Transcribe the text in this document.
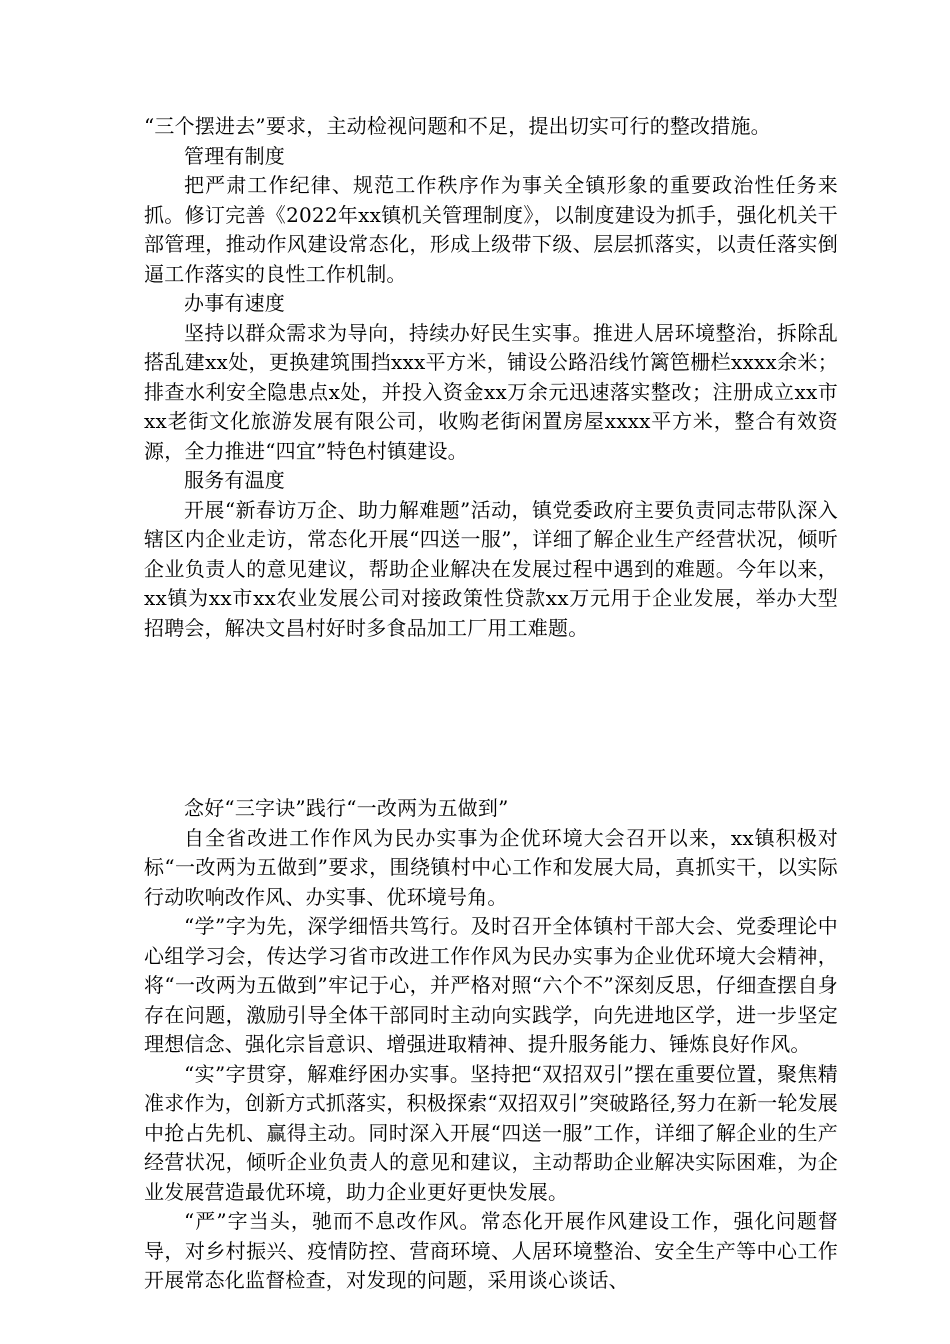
“三个摆进去”要求，主动检视问题和不足，提出切实可行的整改措施。

管理有制度

把严肃工作纪律、规范工作秩序作为事关全镇形象的重要政治性任务来抓。修订完善《2022年xx镇机关管理制度》，以制度建设为抓手，强化机关干部管理，推动作风建设常态化，形成上级带下级、层层抓落实，以责任落实倒逼工作落实的良性工作机制。

办事有速度

坚持以群众需求为导向，持续办好民生实事。推进人居环境整治，拆除乱搭乱建xx处，更换建筑围挡xxx平方米，铺设公路沿线竹篱笆栅栏xxxx余米；排查水利安全隐患点x处，并投入资金xx万余元迅速落实整改；注册成立xx市xx老街文化旅游发展有限公司，收购老街闲置房屋xxxx平方米，整合有效资源，全力推进“四宜”特色村镇建设。

服务有温度

开展“新春访万企、助力解难题”活动，镇党委政府主要负责同志带队深入辖区内企业走访，常态化开展“四送一服”，详细了解企业生产经营状况，倾听企业负责人的意见建议，帮助企业解决在发展过程中遇到的难题。今年以来，xx镇为xx市xx农业发展公司对接政策性贷款xx万元用于企业发展，举办大型招聘会，解决文昌村好时多食品加工厂用工难题。

念好“三字诀”践行“一改两为五做到”

自全省改进工作作风为民办实事为企优环境大会召开以来，xx镇积极对标“一改两为五做到”要求，围绕镇村中心工作和发展大局，真抓实干，以实际行动吹响改作风、办实事、优环境号角。

“学”字为先，深学细悟共笃行。及时召开全体镇村干部大会、党委理论中心组学习会，传达学习省市改进工作作风为民办实事为企业优环境大会精神，将“一改两为五做到”牢记于心，并严格对照“六个不”深刻反思，仔细查摆自身存在问题，激励引导全体干部同时主动向实践学，向先进地区学，进一步坚定理想信念、强化宗旨意识、增强进取精神、提升服务能力、锤炼良好作风。

“实”字贯穿，解难纾困办实事。坚持把“双招双引”摆在重要位置，聚焦精准求作为，创新方式抓落实，积极探索“双招双引”突破路径,努力在新一轮发展中抢占先机、赢得主动。同时深入开展“四送一服”工作，详细了解企业的生产经营状况，倾听企业负责人的意见和建议，主动帮助企业解决实际困难，为企业发展营造最优环境，助力企业更好更快发展。

“严”字当头，驰而不息改作风。常态化开展作风建设工作，强化问题督导，对乡村振兴、疫情防控、营商环境、人居环境整治、安全生产等中心工作开展常态化监督检查，对发现的问题，采用谈心谈话、
